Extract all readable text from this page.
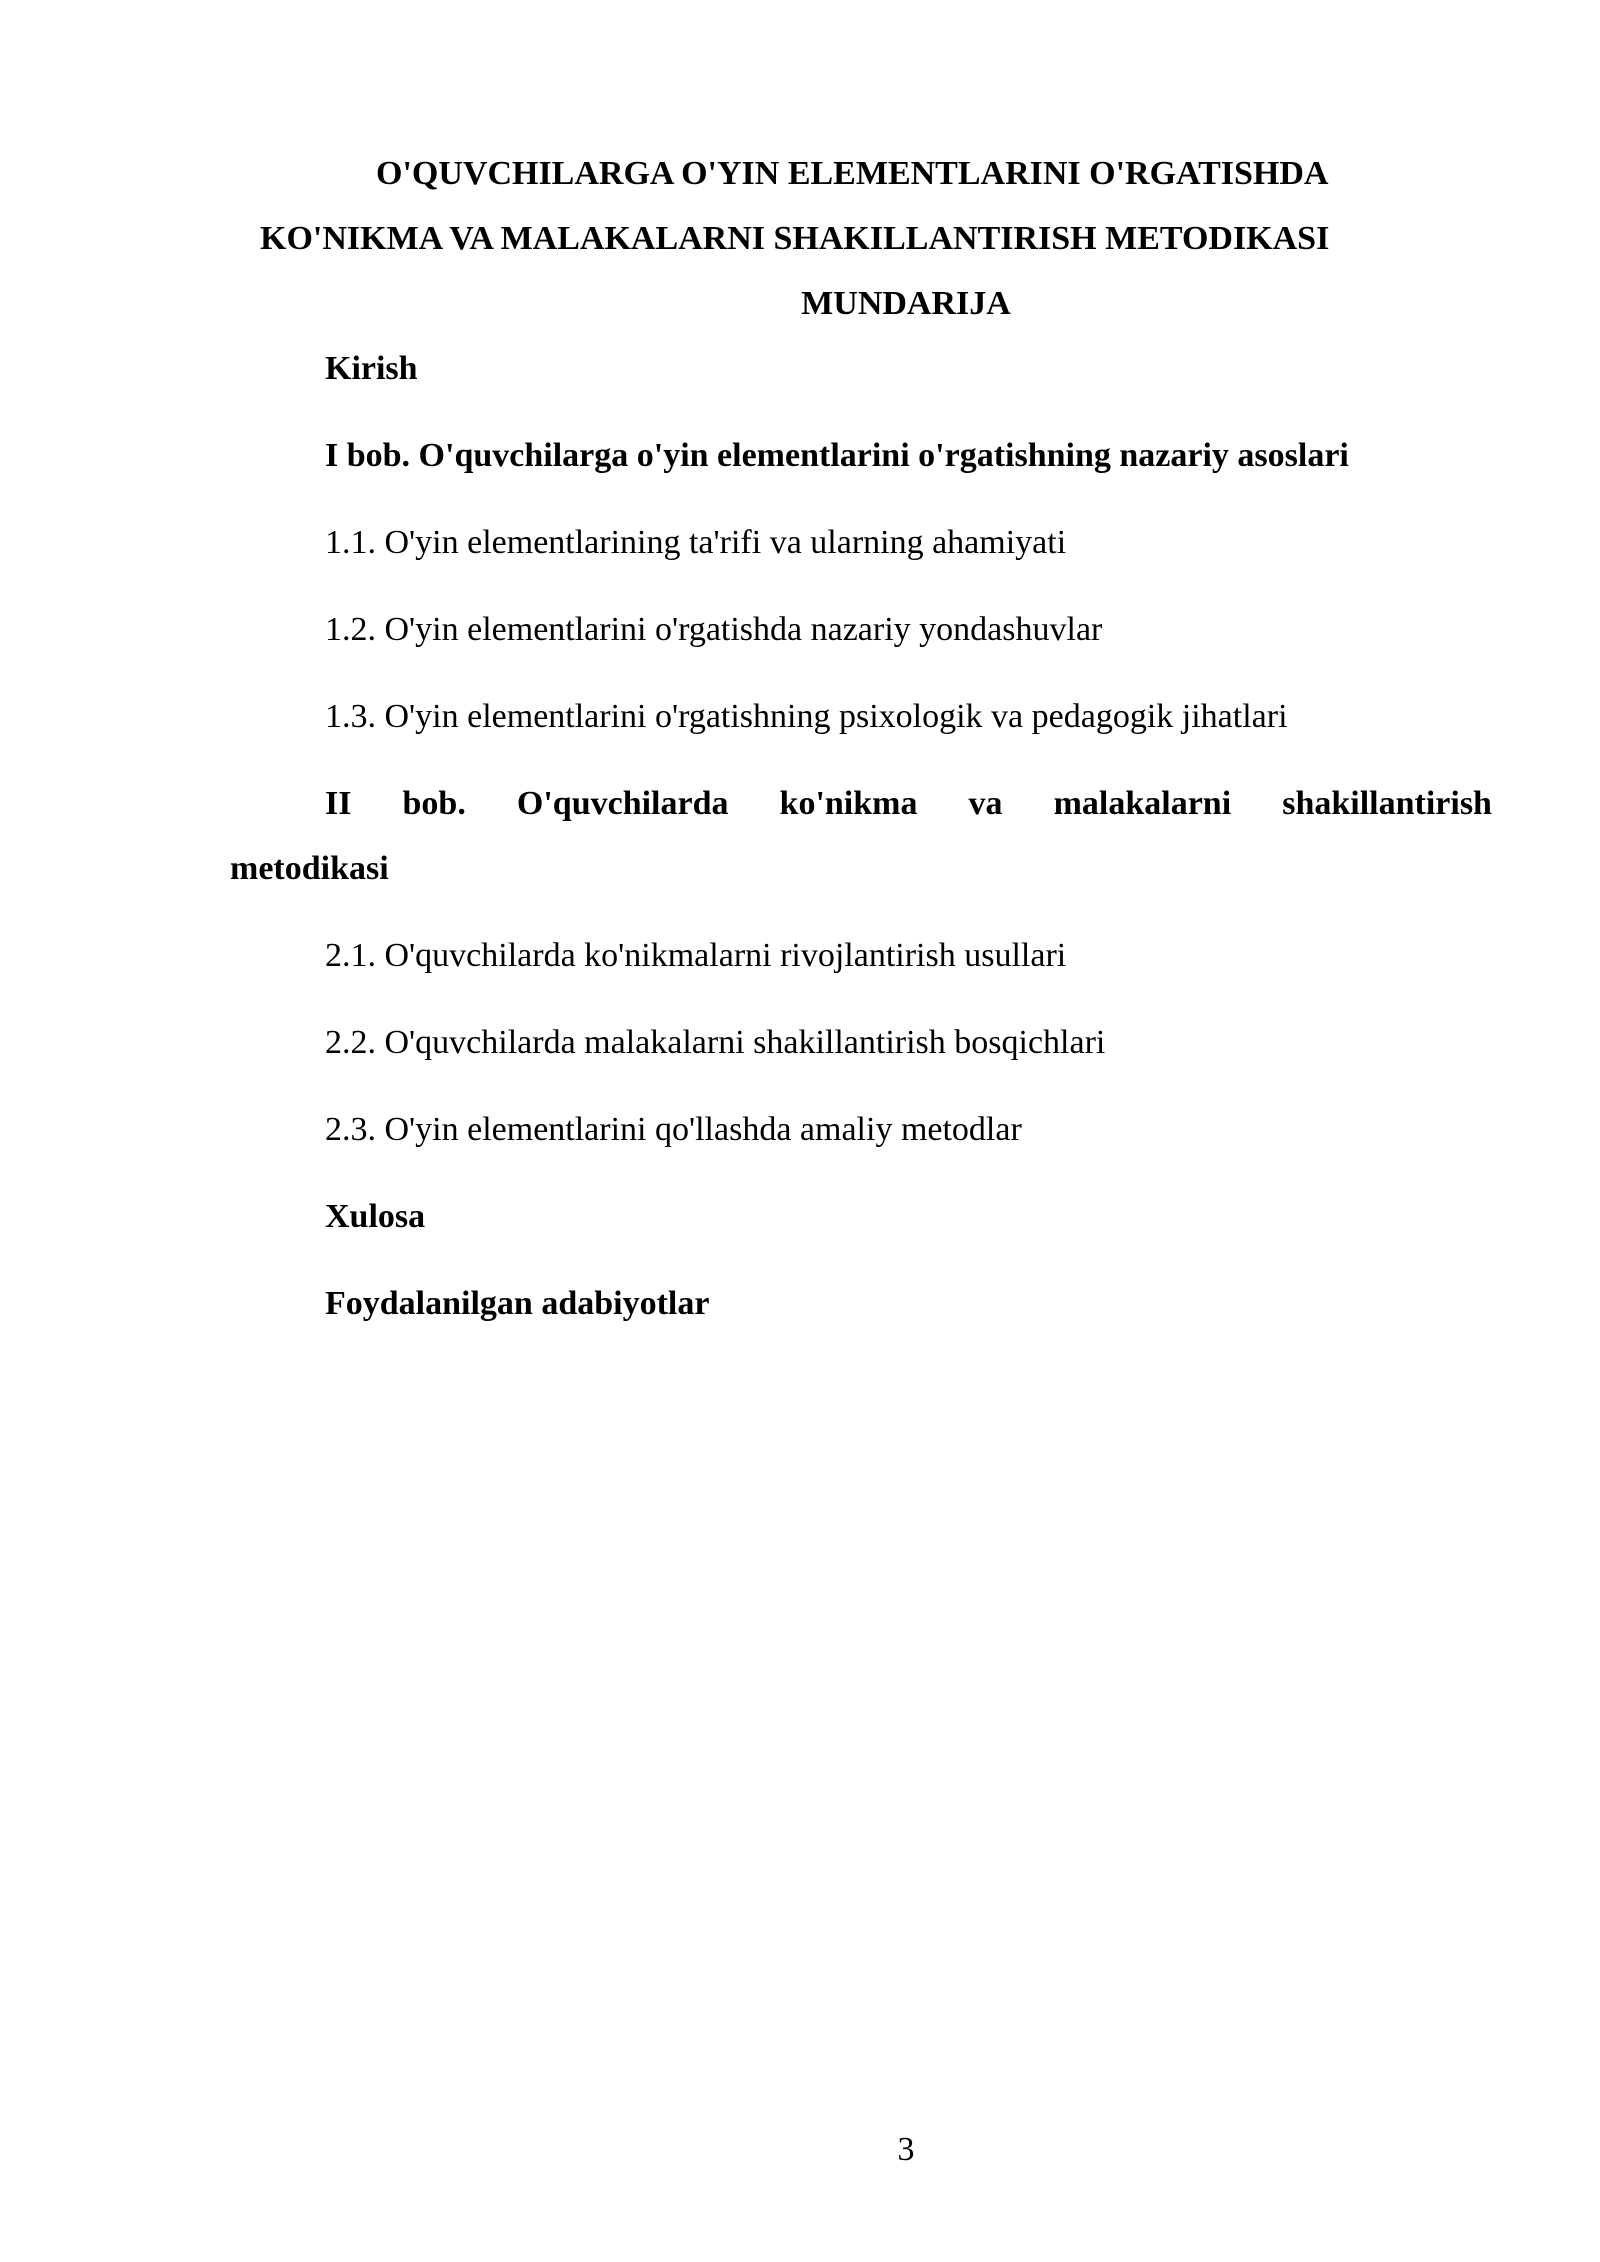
O'QUVCHILARGA O'YIN ELEMENTLARINI O'RGATISHDA
KO'NIKMA VA MALAKALARNI SHAKILLANTIRISH METODIKASI
MUNDARIJA
Kirish
I bob. O'quvchilarga o'yin elementlarini o'rgatishning nazariy asoslari
1.1. O'yin elementlarining ta'rifi va ularning ahamiyati
1.2. O'yin elementlarini o'rgatishda nazariy yondashuvlar
1.3. O'yin elementlarini o'rgatishning psixologik va pedagogik jihatlari
II bob. O'quvchilarda ko'nikma va malakalarni shakillantirish
metodikasi
2.1. O'quvchilarda ko'nikmalarni rivojlantirish usullari
2.2. O'quvchilarda malakalarni shakillantirish bosqichlari
2.3. O'yin elementlarini qo'llashda amaliy metodlar
Xulosa
Foydalanilgan adabiyotlar
3
